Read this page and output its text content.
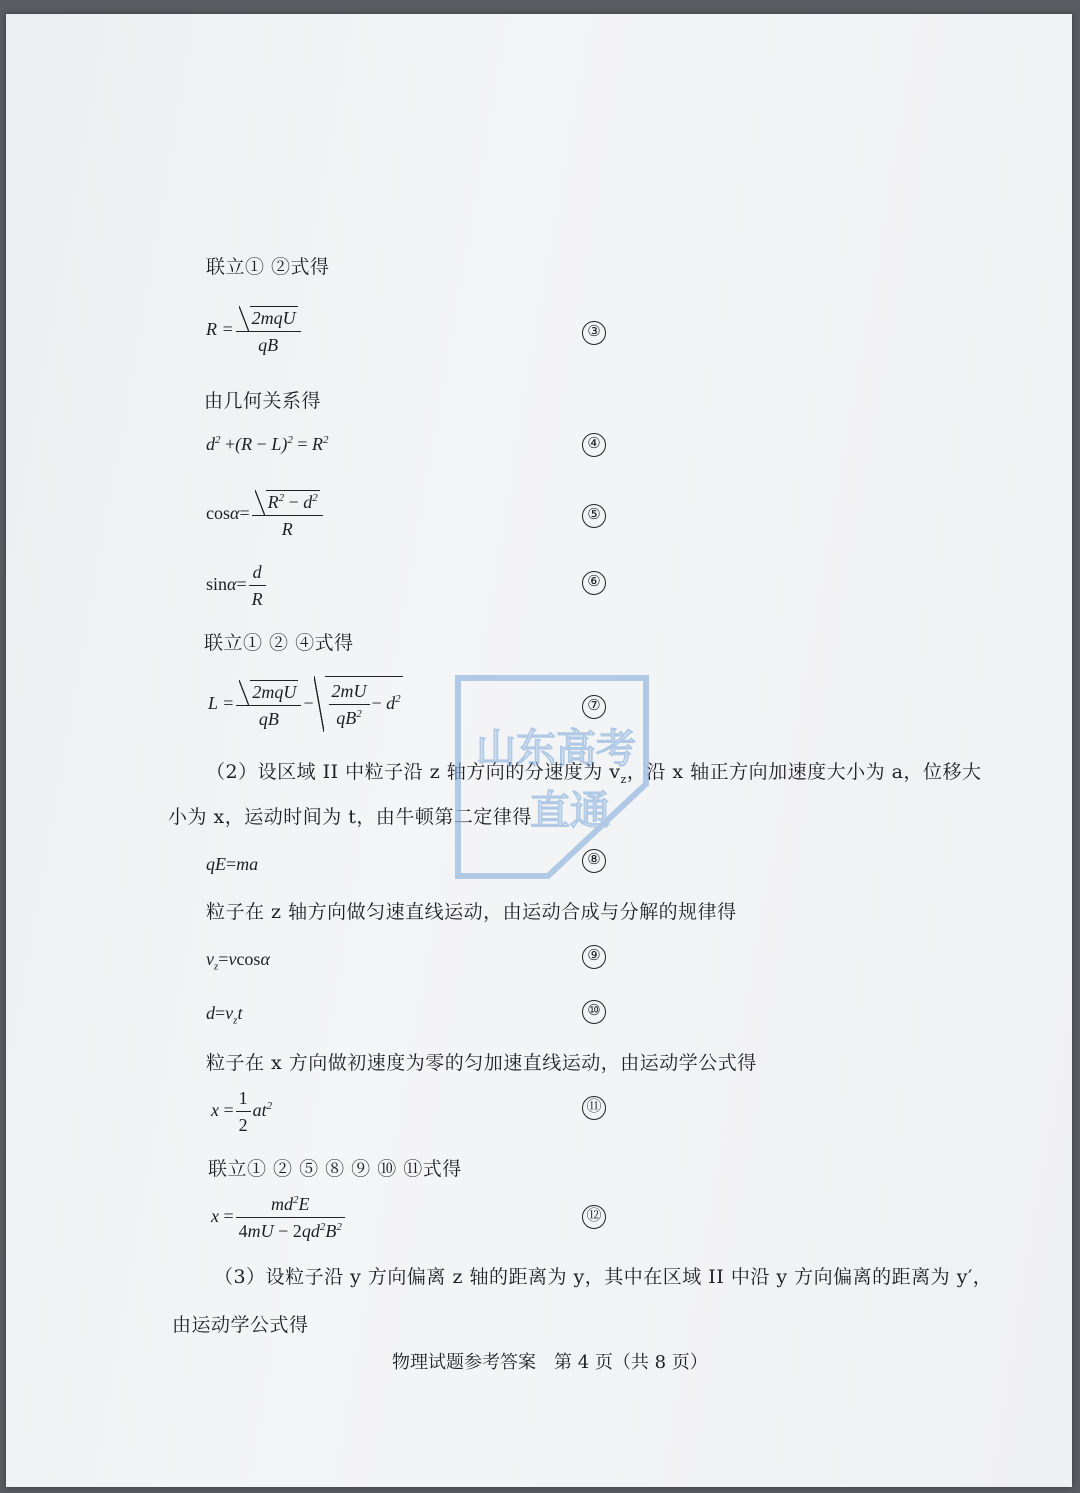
联立① ②式得
$R = \frac{\text{2mqU}}{qB}$	③
由几何关系得
$d^2 +(R - L)^2 = R^2$	④
$\cos\alpha= \frac{R^2 - d^2}{R}$	⑤
$\sin\alpha= \frac{d}{R}$	⑥
联立① ② ④式得
$L = \frac{\text{2mqU}}{qB} - \frac{2mU}{qB^2} - d^2$	⑦
（2）设区域 II 中粒子沿 z 轴方向的分速度为 $v_z$，沿 x 轴正方向加速度大小为 a，位移大
小为 x，运动时间为 t，由牛顿第二定律得
qE=ma	⑧
粒子在 z 轴方向做匀速直线运动，由运动合成与分解的规律得
$v_z=vcos\alpha$	⑨
$d=v_zt$	⑩
粒子在 x 方向做初速度为零的匀加速直线运动，由运动学公式得
$x = \frac{1}{2} at^2$	⑪
联立① ② ⑤ ⑧ ⑨ ⑩ ⑪式得
$x = \frac{md^2E}{4mU - 2qd^2B^2}$	⑫
（3）设粒子沿 y 方向偏离 z 轴的距离为 y，其中在区域 II 中沿 y 方向偏离的距离为 y′，
由运动学公式得
物理试题参考答案　第 4 页（共 8 页）
山东高考
直通
